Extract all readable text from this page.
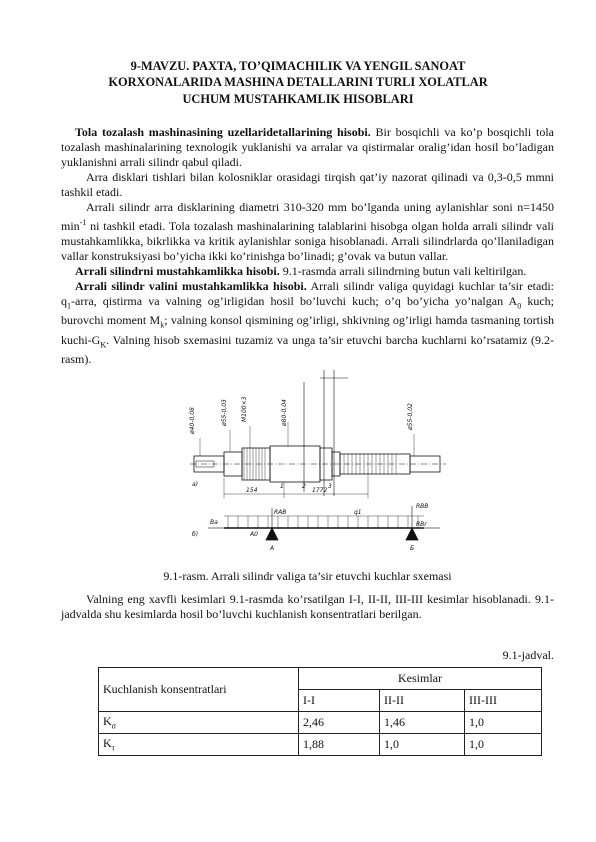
9-MAVZU. PAXTA, TO’QIMACHILIK VA YENGIL SANOAT
KORXONALARIDA MASHINA DETALLARINI TURLI XOLATLAR
UCHUM MUSTAHKAMLIK HISOBLARI

Tola tozalash mashinasining uzellaridetallarining hisobi. Bir bosqichli va ko’p bosqichli tola tozalash mashinalarining texnologik yuklanishi va arralar va qistirmalar oralig’idan hosil bo’ladigan yuklanishni arrali silindr qabul qiladi.

Arra disklari tishlari bilan kolosniklar orasidagi tirqish qat’iy nazorat qilinadi va 0,3-0,5 mmni tashkil etadi.

Arrali silindr arra disklarining diametri 310-320 mm bo’lganda uning aylanishlar soni n=1450 $\min^{-1}$ ni tashkil etadi. Tola tozalash mashinalarining talablarini hisobga olgan holda arrali silindr vali mustahkamlikka, bikrlikka va kritik aylanishlar soniga hisoblanadi. Arrali silindrlarda qo’llaniladigan vallar konstruksiyasi bo’yicha ikki ko’rinishga bo’linadi; g’ovak va butun vallar.

Arrali silindrni mustahkamlikka hisobi. 9.1-rasmda arrali silindrning butun vali keltirilgan.

Arrali silindr valini mustahkamlikka hisobi. Arrali silindr valiga quyidagi kuchlar ta’sir etadi: $q_1$-arra, qistirma va valning og’irligidan hosil bo’luvchi kuch; o’q bo’yicha yo’nalgan $A_0$ kuch; burovchi moment $M_k$; valning konsol qismining og’irligi, shkivning og’irligi hamda tasmaning tortish kuchi-$G_K$. Valning hisob sxemasini tuzamiz va unga ta’sir etuvchi barcha kuchlarni ko’rsatamiz (9.2-rasm).

ø40-0,08	ø55-0,03 M100×3	ø80-0,04	ø55-0,02
a)
154	1772
1	2	3
б)
RAB
RBB
q1
A0
Ba	RBr
A	Б
9.1-rasm. Arrali silindr valiga ta’sir etuvchi kuchlar sxemasi

Valning eng xavfli kesimlari 9.1-rasmda ko’rsatilgan I-I, II-II, III-III kesimlar hisoblanadi. 9.1-jadvalda shu kesimlarda hosil bo’luvchi kuchlanish konsentratlari berilgan.

9.1-jadval.
Kuchlanish konsentratlari	Kesimlar		
	I-I	II-II	III-III
$K_\sigma$	2,46	1,46	1,0
$K_\tau$	1,88	1,0	1,0
